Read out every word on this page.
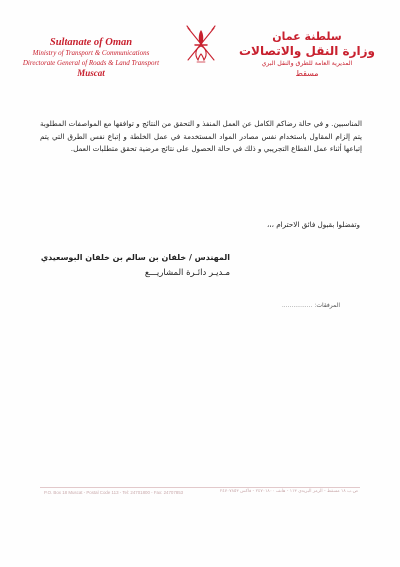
Sultanate of Oman
Ministry of Transport & Communications
Directorate General of Roads & Land Transport
Muscat
سلطنة عمان
وزارة النقل والاتصالات
المديرية العامة للطرق والنقل البري
مسقط
المناسبين. و في حالة رضاكم الكامل عن العمل المنفذ و التحقق من النتائج و توافقها مع المواصفات المطلوبة يتم إلزام المقاول باستخدام نفس مصادر المواد المستخدمة في عمل الخلطة و إتباع نفس الطرق التي يتم إتباعها أثناء عمل القطاع التجريبي و ذلك في حالة الحصول على نتائج مرضية تحقق متطلبات العمل.
وتفضلوا بقبول فائق الاحترام ،،،
المهندس / خلفان بن سالم بن خلفان البوسعيدي
مـديـر دائـرة المشاريـــع
المرفقات: ................
P.O. Box 18 Muscat - Postal Code 113 - Tel: 24701800 - Fax: 24707853	ص.ب ١٨ مسقط - الرمز البريدي ١١٣ - هاتف ٢٤٧٠١٨٠٠ - فاكس ٢٤٧٠٧٨٥٣
